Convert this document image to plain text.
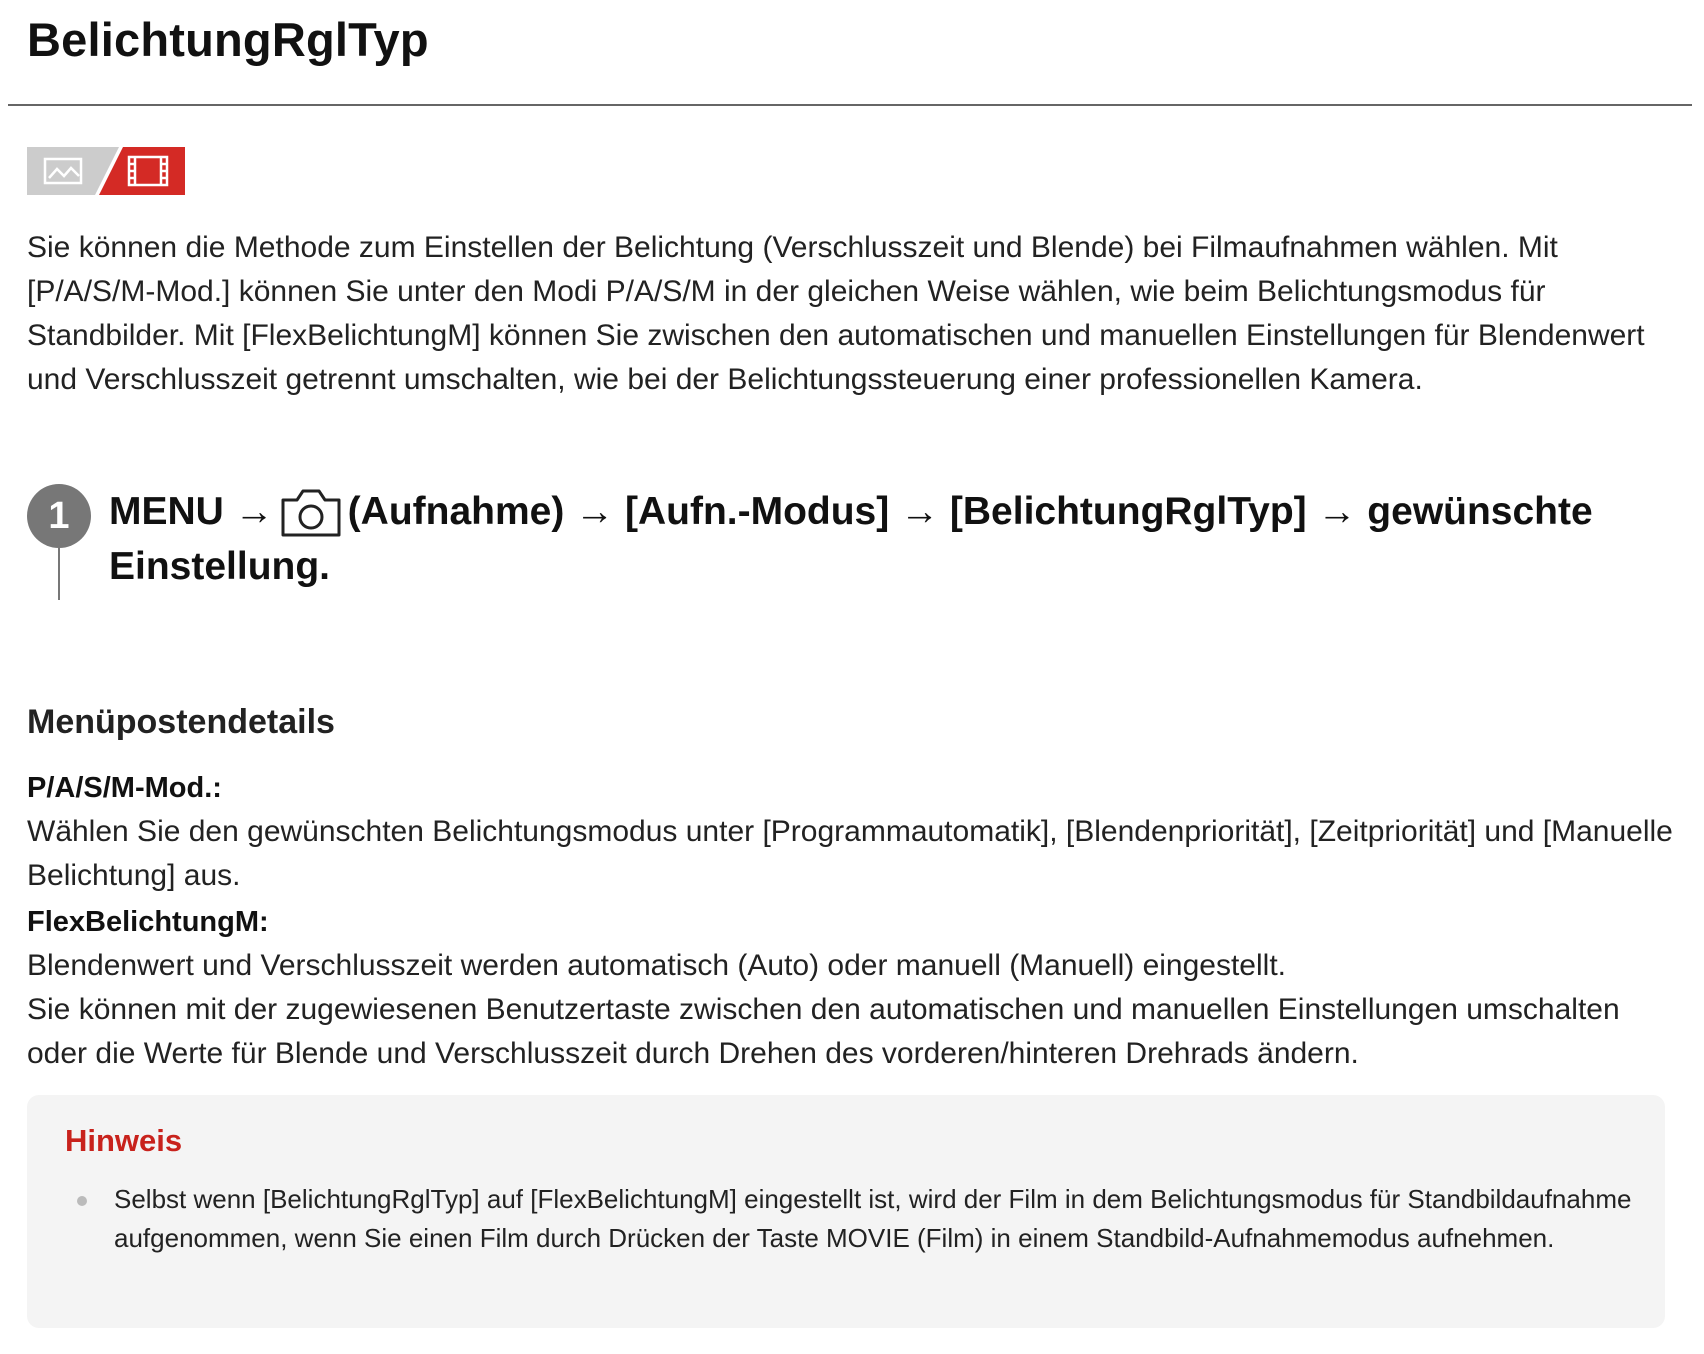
BelichtungRglTyp

Sie können die Methode zum Einstellen der Belichtung (Verschlusszeit und Blende) bei Filmaufnahmen wählen. Mit [P/A/S/M-Mod.] können Sie unter den Modi P/A/S/M in der gleichen Weise wählen, wie beim Belichtungsmodus für Standbilder. Mit [FlexBelichtungM] können Sie zwischen den automatischen und manuellen Einstellungen für Blendenwert und Verschlusszeit getrennt umschalten, wie bei der Belichtungssteuerung einer professionellen Kamera.

1	MENU → (Aufnahme) → [Aufn.-Modus] → [BelichtungRglTyp] → gewünschte Einstellung.

Menüpostendetails

P/A/S/M-Mod.:

Wählen Sie den gewünschten Belichtungsmodus unter [Programmautomatik], [Blendenpriorität], [Zeitpriorität] und [Manuelle Belichtung] aus.

FlexBelichtungM:

Blendenwert und Verschlusszeit werden automatisch (Auto) oder manuell (Manuell) eingestellt.

Sie können mit der zugewiesenen Benutzertaste zwischen den automatischen und manuellen Einstellungen umschalten oder die Werte für Blende und Verschlusszeit durch Drehen des vorderen/hinteren Drehrads ändern.

Hinweis
Selbst wenn [BelichtungRglTyp] auf [FlexBelichtungM] eingestellt ist, wird der Film in dem Belichtungsmodus für Standbildaufnahme aufgenommen, wenn Sie einen Film durch Drücken der Taste MOVIE (Film) in einem Standbild-Aufnahmemodus aufnehmen.
